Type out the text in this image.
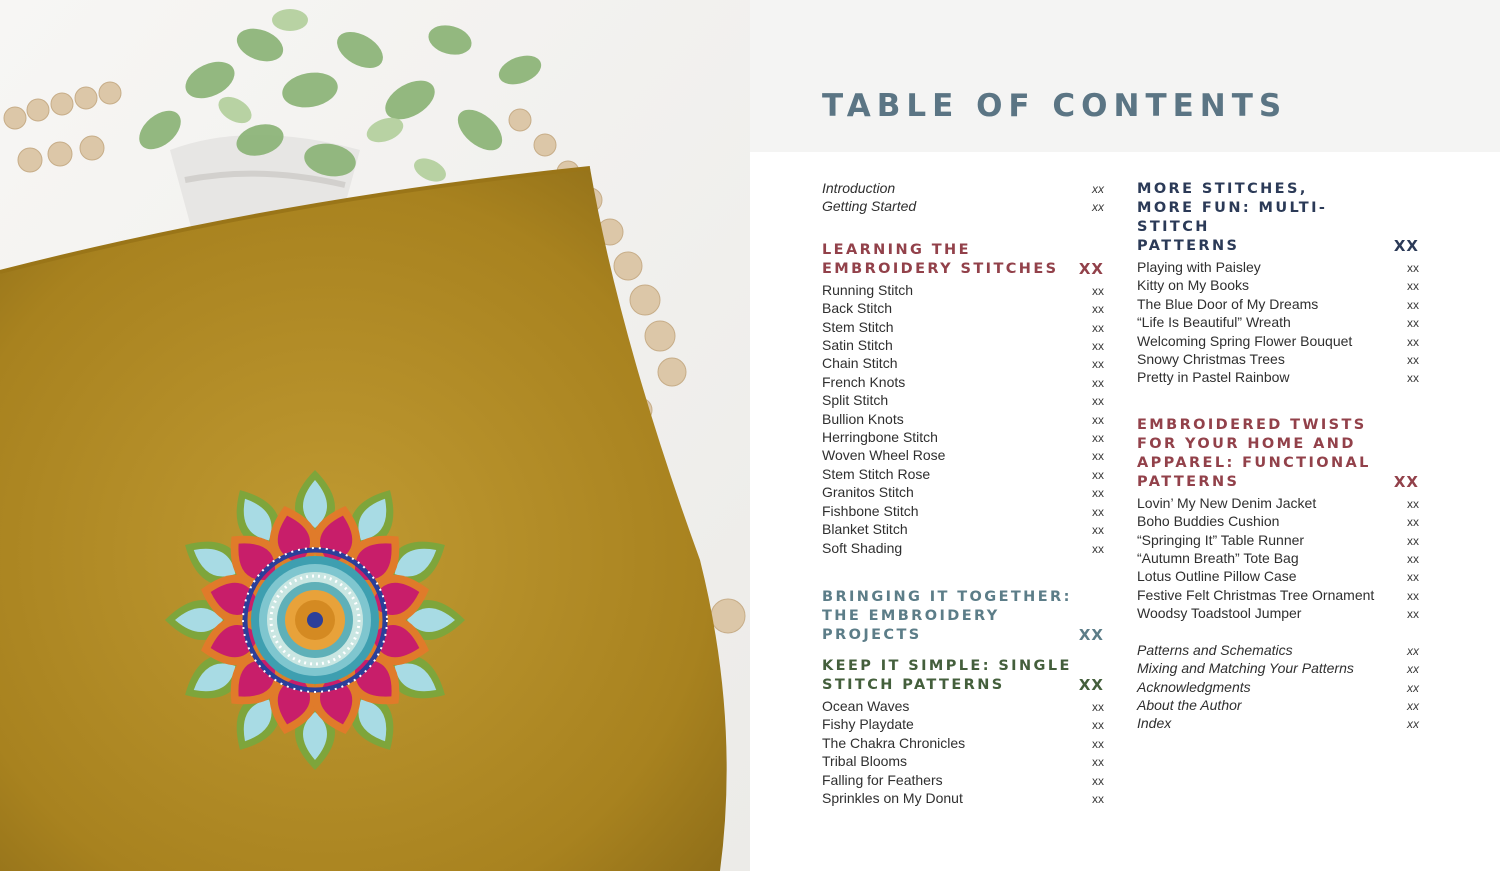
TABLE OF CONTENTS
Introduction	xx
Getting Started	xx
LEARNING THE
EMBROIDERY STITCHES XX
Running Stitch	xx
Back Stitch	xx
Stem Stitch	xx
Satin Stitch	xx
Chain Stitch	xx
French Knots	xx
Split Stitch	xx
Bullion Knots	xx
Herringbone Stitch	xx
Woven Wheel Rose	xx
Stem Stitch Rose	xx
Granitos Stitch	xx
Fishbone Stitch	xx
Blanket Stitch	xx
Soft Shading	xx
BRINGING IT TOGETHER:
THE EMBROIDERY
PROJECTS	XX
KEEP IT SIMPLE: SINGLE
STITCH PATTERNS	XX
Ocean Waves	xx
Fishy Playdate	xx
The Chakra Chronicles	xx
Tribal Blooms	xx
Falling for Feathers	xx
Sprinkles on My Donut	xx
MORE STITCHES,
MORE FUN: MULTI-STITCH
PATTERNS	XX
Playing with Paisley	xx
Kitty on My Books	xx
The Blue Door of My Dreams	xx
“Life Is Beautiful” Wreath	xx
Welcoming Spring Flower Bouquet	xx
Snowy Christmas Trees	xx
Pretty in Pastel Rainbow	xx
EMBROIDERED TWISTS
FOR YOUR HOME AND
APPAREL: FUNCTIONAL
PATTERNS	XX
Lovin’ My New Denim Jacket	xx
Boho Buddies Cushion	xx
“Springing It” Table Runner	xx
“Autumn Breath” Tote Bag	xx
Lotus Outline Pillow Case	xx
Festive Felt Christmas Tree Ornament	xx
Woodsy Toadstool Jumper	xx
Patterns and Schematics	xx
Mixing and Matching Your Patterns	xx
Acknowledgments	xx
About the Author	xx
Index	xx
